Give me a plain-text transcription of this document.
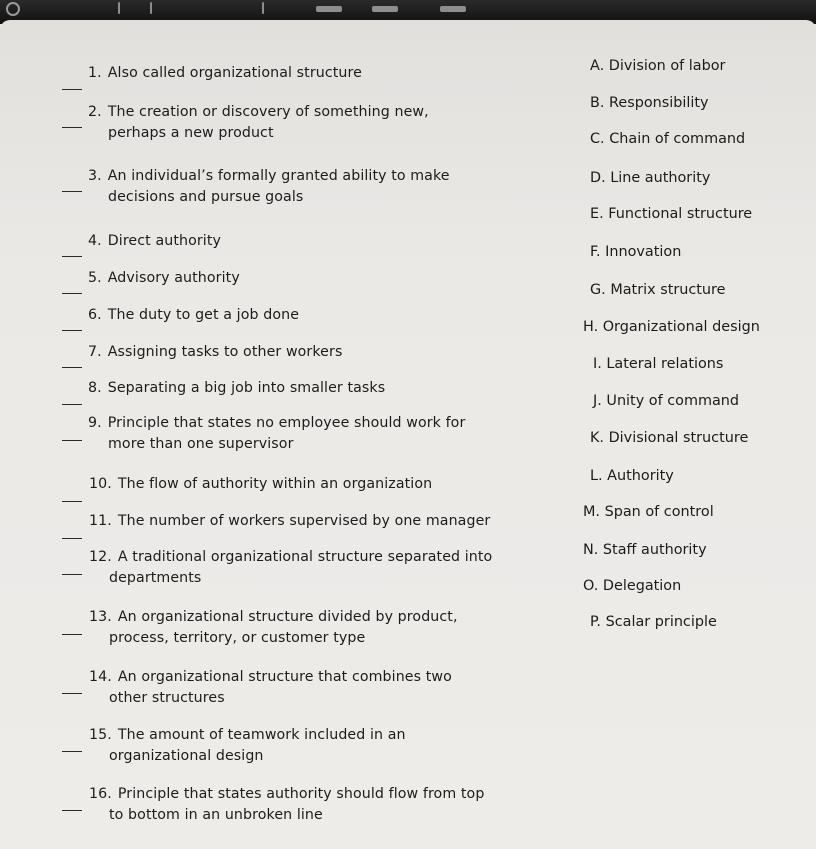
1. Also called organizational structure
2. The creation or discovery of something new,
perhaps a new product
3. An individual’s formally granted ability to make
decisions and pursue goals
4. Direct authority
5. Advisory authority
6. The duty to get a job done
7. Assigning tasks to other workers
8. Separating a big job into smaller tasks
9. Principle that states no employee should work for
more than one supervisor
10. The flow of authority within an organization
11. The number of workers supervised by one manager
12. A traditional organizational structure separated into
departments
13. An organizational structure divided by product,
process, territory, or customer type
14. An organizational structure that combines two
other structures
15. The amount of teamwork included in an
organizational design
16. Principle that states authority should flow from top
to bottom in an unbroken line
A. Division of labor
B. Responsibility
C. Chain of command
D. Line authority
E. Functional structure
F. Innovation
G. Matrix structure
H. Organizational design
I. Lateral relations
J. Unity of command
K. Divisional structure
L. Authority
M. Span of control
N. Staff authority
O. Delegation
P. Scalar principle
